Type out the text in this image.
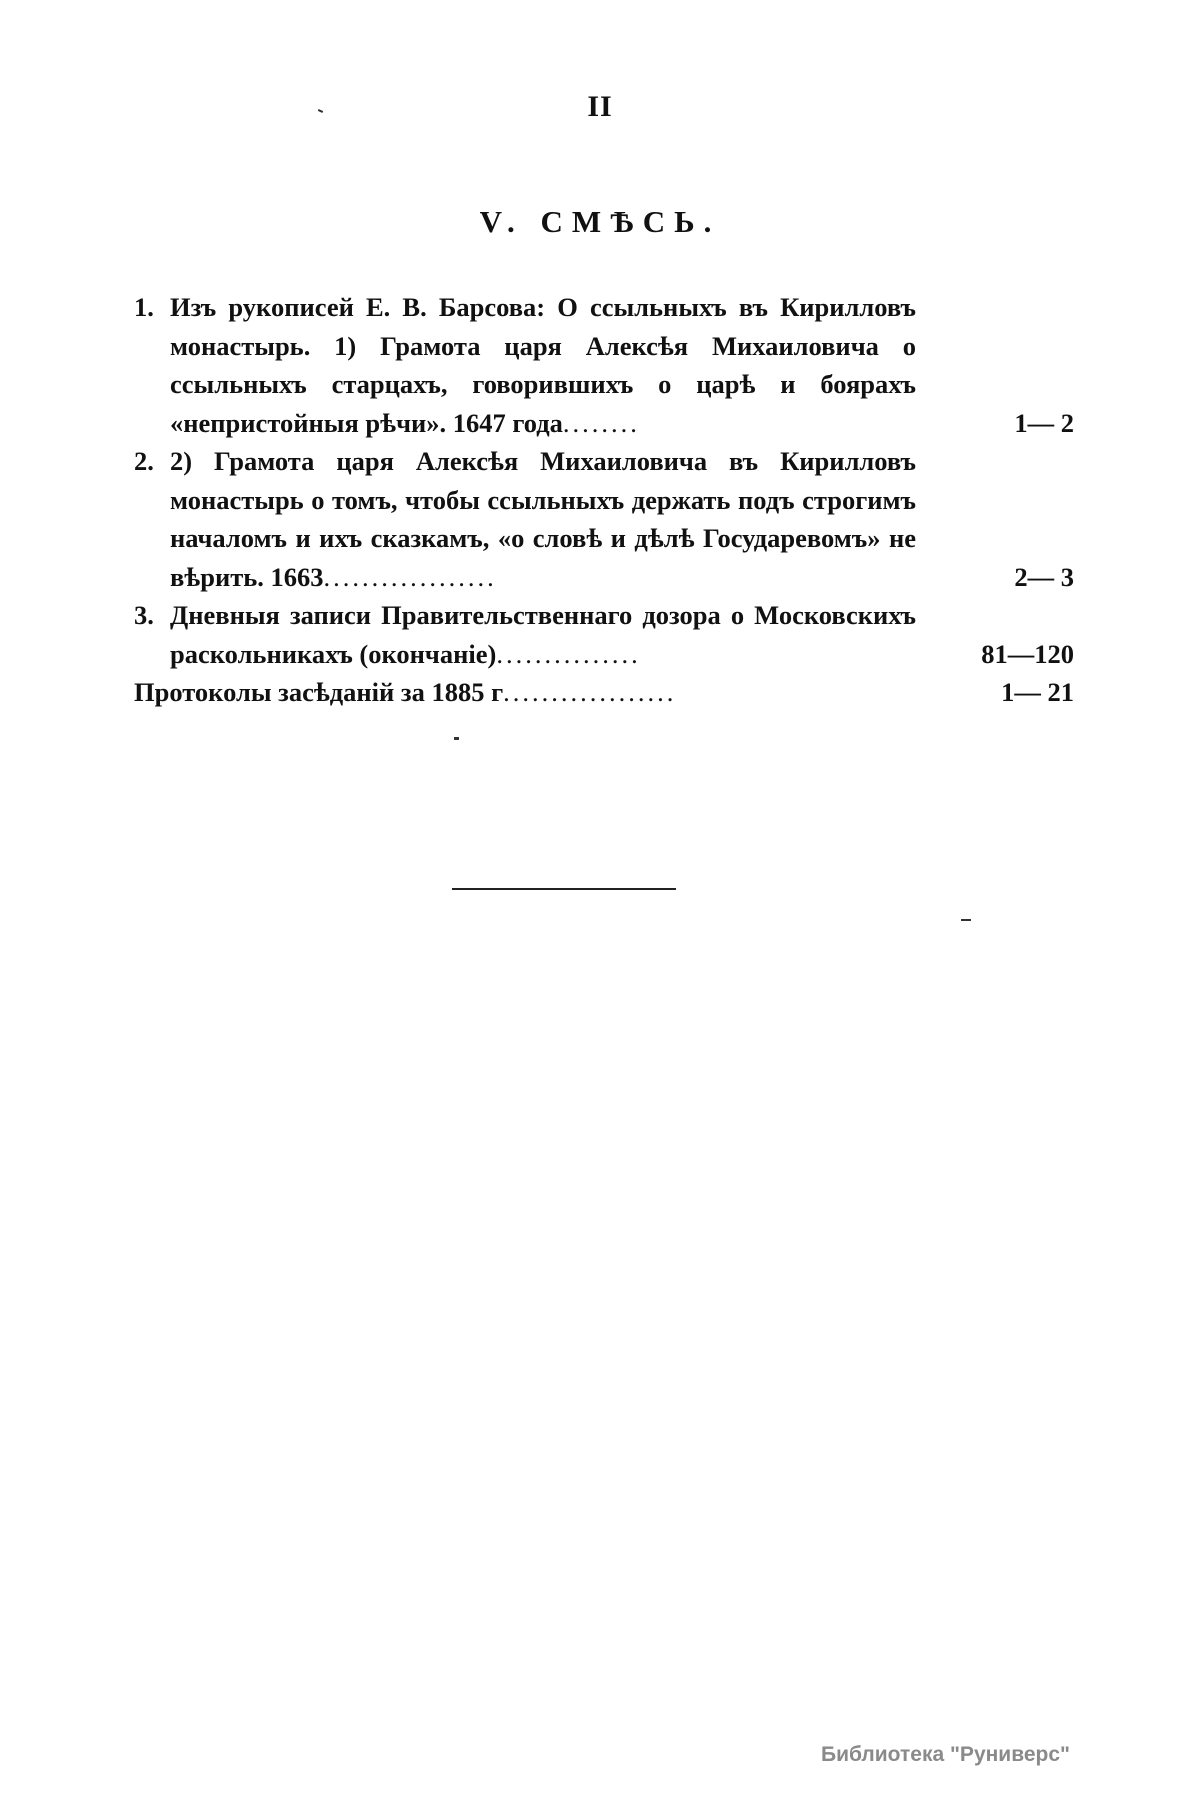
II
V. СМѢСЬ.
1. Изъ рукописей Е. В. Барсова: О ссыльныхъ въ Кирилловъ монастырь. 1) Грамота царя Алексѣя Михаиловича о ссыльныхъ старцахъ, говорившихъ о царѣ и боярахъ «непристойныя рѣчи». 1647 года........	1— 2
2. 2) Грамота царя Алексѣя Михаиловича въ Кирилловъ монастырь о томъ, чтобы ссыльныхъ держать подъ строгимъ началомъ и ихъ сказкамъ, «о словѣ и дѣлѣ Государевомъ» не вѣрить. 1663..................	2— 3
3. Дневныя записи Правительственнаго дозора о Московскихъ раскольникахъ (окончаніе)...............	81—120
Протоколы засѣданій за 1885 г..................	1— 21
Библиотека "Руниверс"
